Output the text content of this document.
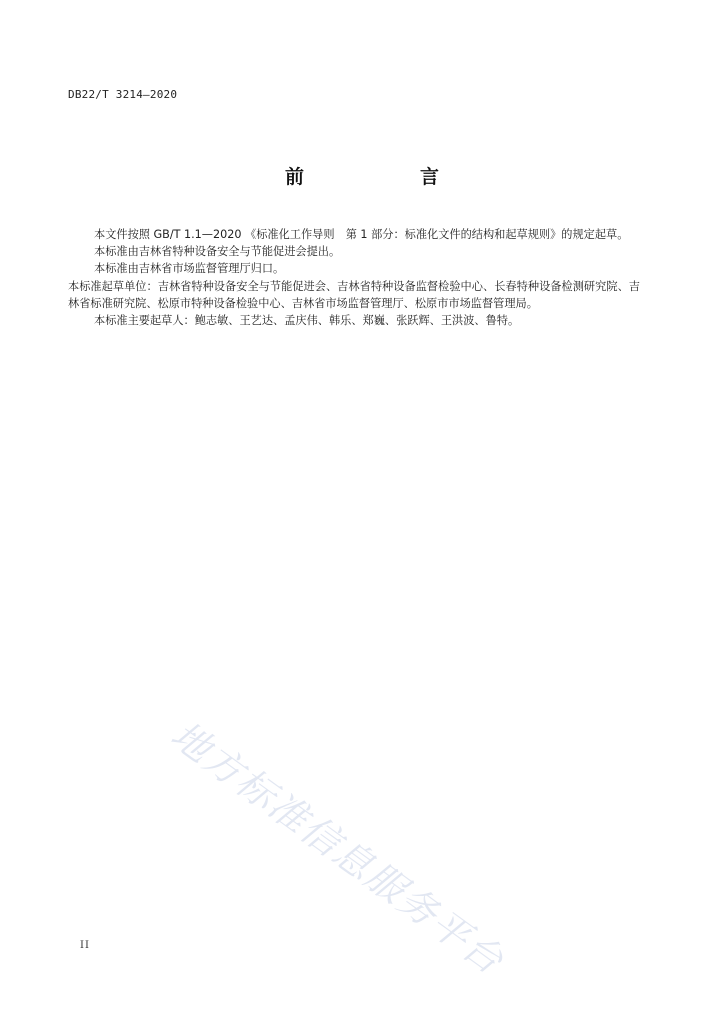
DB22/T 3214—2020
前　　言

本文件按照 GB/T 1.1—2020 《标准化工作导则　第 1 部分：标准化文件的结构和起草规则》的规定起草。

本标准由吉林省特种设备安全与节能促进会提出。

本标准由吉林省市场监督管理厅归口。

本标准起草单位：吉林省特种设备安全与节能促进会、吉林省特种设备监督检验中心、长春特种设备检测研究院、吉林省标准研究院、松原市特种设备检验中心、吉林省市场监督管理厅、松原市市场监督管理局。

本标准主要起草人：鲍志敏、王艺达、孟庆伟、韩乐、郑巍、张跃辉、王洪波、鲁特。

地方标准信息服务平台
II
